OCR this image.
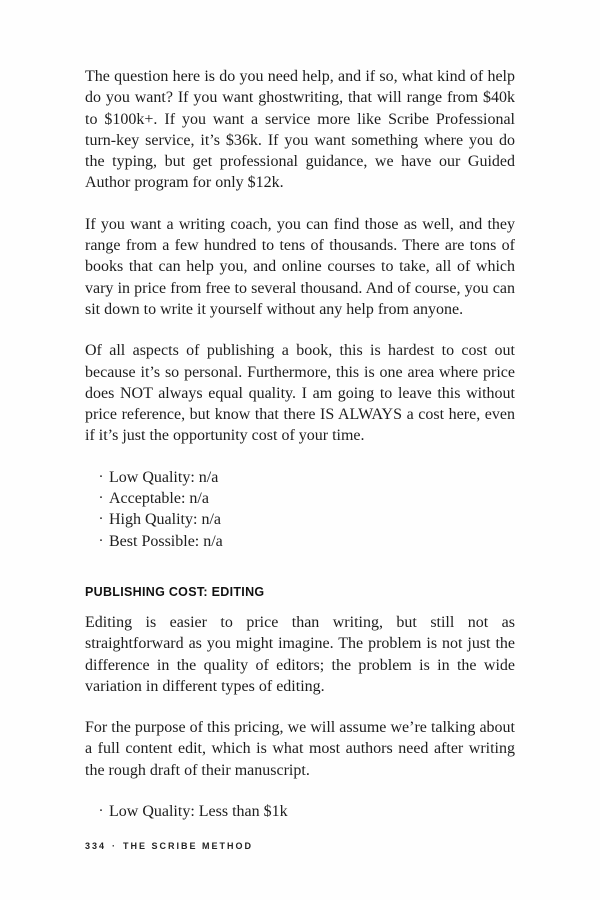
The question here is do you need help, and if so, what kind of help do you want? If you want ghostwriting, that will range from $40k to $100k+. If you want a service more like Scribe Professional turn-key service, it’s $36k. If you want something where you do the typing, but get professional guidance, we have our Guided Author program for only $12k.

If you want a writing coach, you can find those as well, and they range from a few hundred to tens of thousands. There are tons of books that can help you, and online courses to take, all of which vary in price from free to several thousand. And of course, you can sit down to write it yourself without any help from anyone.

Of all aspects of publishing a book, this is hardest to cost out because it’s so personal. Furthermore, this is one area where price does NOT always equal quality. I am going to leave this without price reference, but know that there IS ALWAYS a cost here, even if it’s just the opportunity cost of your time.

· Low Quality: n/a
· Acceptable: n/a
· High Quality: n/a
· Best Possible: n/a
PUBLISHING COST: EDITING

Editing is easier to price than writing, but still not as straightforward as you might imagine. The problem is not just the difference in the quality of editors; the problem is in the wide variation in different types of editing.

For the purpose of this pricing, we will assume we’re talking about a full content edit, which is what most authors need after writing the rough draft of their manuscript.

· Low Quality: Less than $1k
334 · THE SCRIBE METHOD
